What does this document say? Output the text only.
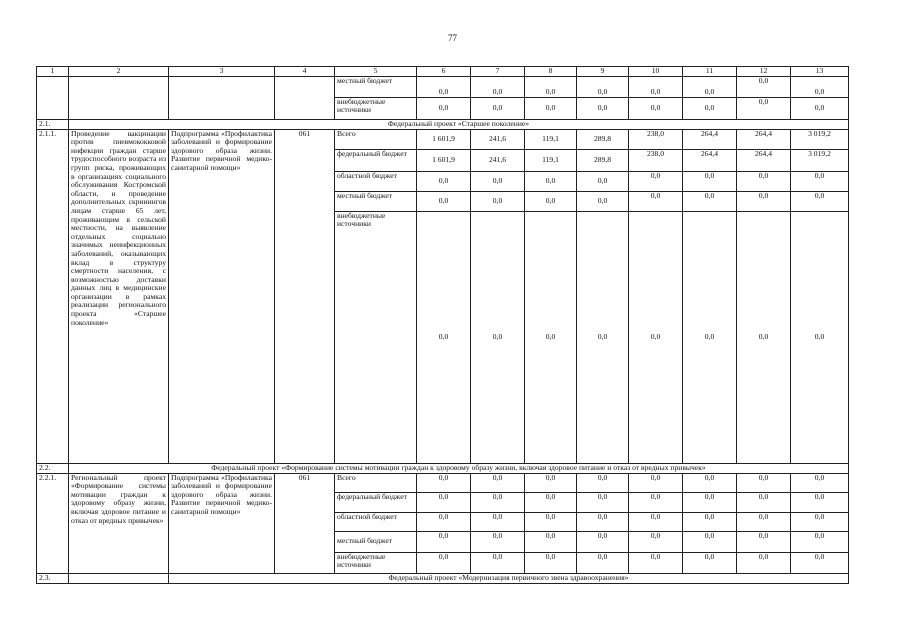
77
1	2	3	4	5	6	7	8	9	10	11	12	13
				местный бюджет	0,0	0,0	0,0	0,0	0,0	0,0	0,0	0,0
				внебюджетные источники	0,0	0,0	0,0	0,0	0,0	0,0	0,0	0,0
2.1.	Федеральный проект «Старшее поколение»											
2.1.1.	Проведение вакцинации против пневмококковой инфекции граждан старше трудоспособного возраста из групп риска, проживающих в организациях социального обслуживания Костромской области, и проведение дополнительных скринингов лицам старше 65 лет, проживающим в сельской местности, на выявление отдельных социально значимых неинфекционных заболеваний, оказывающих вклад в структуру смертности населения, с возможностью доставки данных лиц в медицинские организации в рамках реализации регионального проекта «Старшее поколение»	Подпрограмма «Профилактика заболеваний и формирование здорового образа жизни. Развитие первичной медико-санитарной помощи»	061	Всего	1 601,9	241,6	119,1	289,8	238,0	264,4	264,4	3 019,2
				федеральный бюджет	1 601,9	241,6	119,1	289,8	238,0	264,4	264,4	3 019,2
				областной бюджет	0,0	0,0	0,0	0,0	0,0	0,0	0,0	0,0
				местный бюджет	0,0	0,0	0,0	0,0	0,0	0,0	0,0	0,0
				внебюджетные источники	0,0	0,0	0,0	0,0	0,0	0,0	0,0	0,0
2.2.	Федеральный проект «Формирование системы мотивации граждан к здоровому образу жизни, включая здоровое питание и отказ от вредных привычек»											
2.2.1.	Региональный проект «Формирование системы мотивации граждан к здоровому образу жизни, включая здоровое питание и отказ от вредных привычек»	Подпрограмма «Профилактика заболеваний и формирование здорового образа жизни. Развитие первичной медико-санитарной помощи»	061	Всего	0,0	0,0	0,0	0,0	0,0	0,0	0,0	0,0
				федеральный бюджет	0,0	0,0	0,0	0,0	0,0	0,0	0,0	0,0
				областной бюджет	0,0	0,0	0,0	0,0	0,0	0,0	0,0	0,0
				местный бюджет	0,0	0,0	0,0	0,0	0,0	0,0	0,0	0,0
				внебюджетные источники	0,0	0,0	0,0	0,0	0,0	0,0	0,0	0,0
2.3.		Федеральный проект «Модернизация первичного звена здравоохранения»										
